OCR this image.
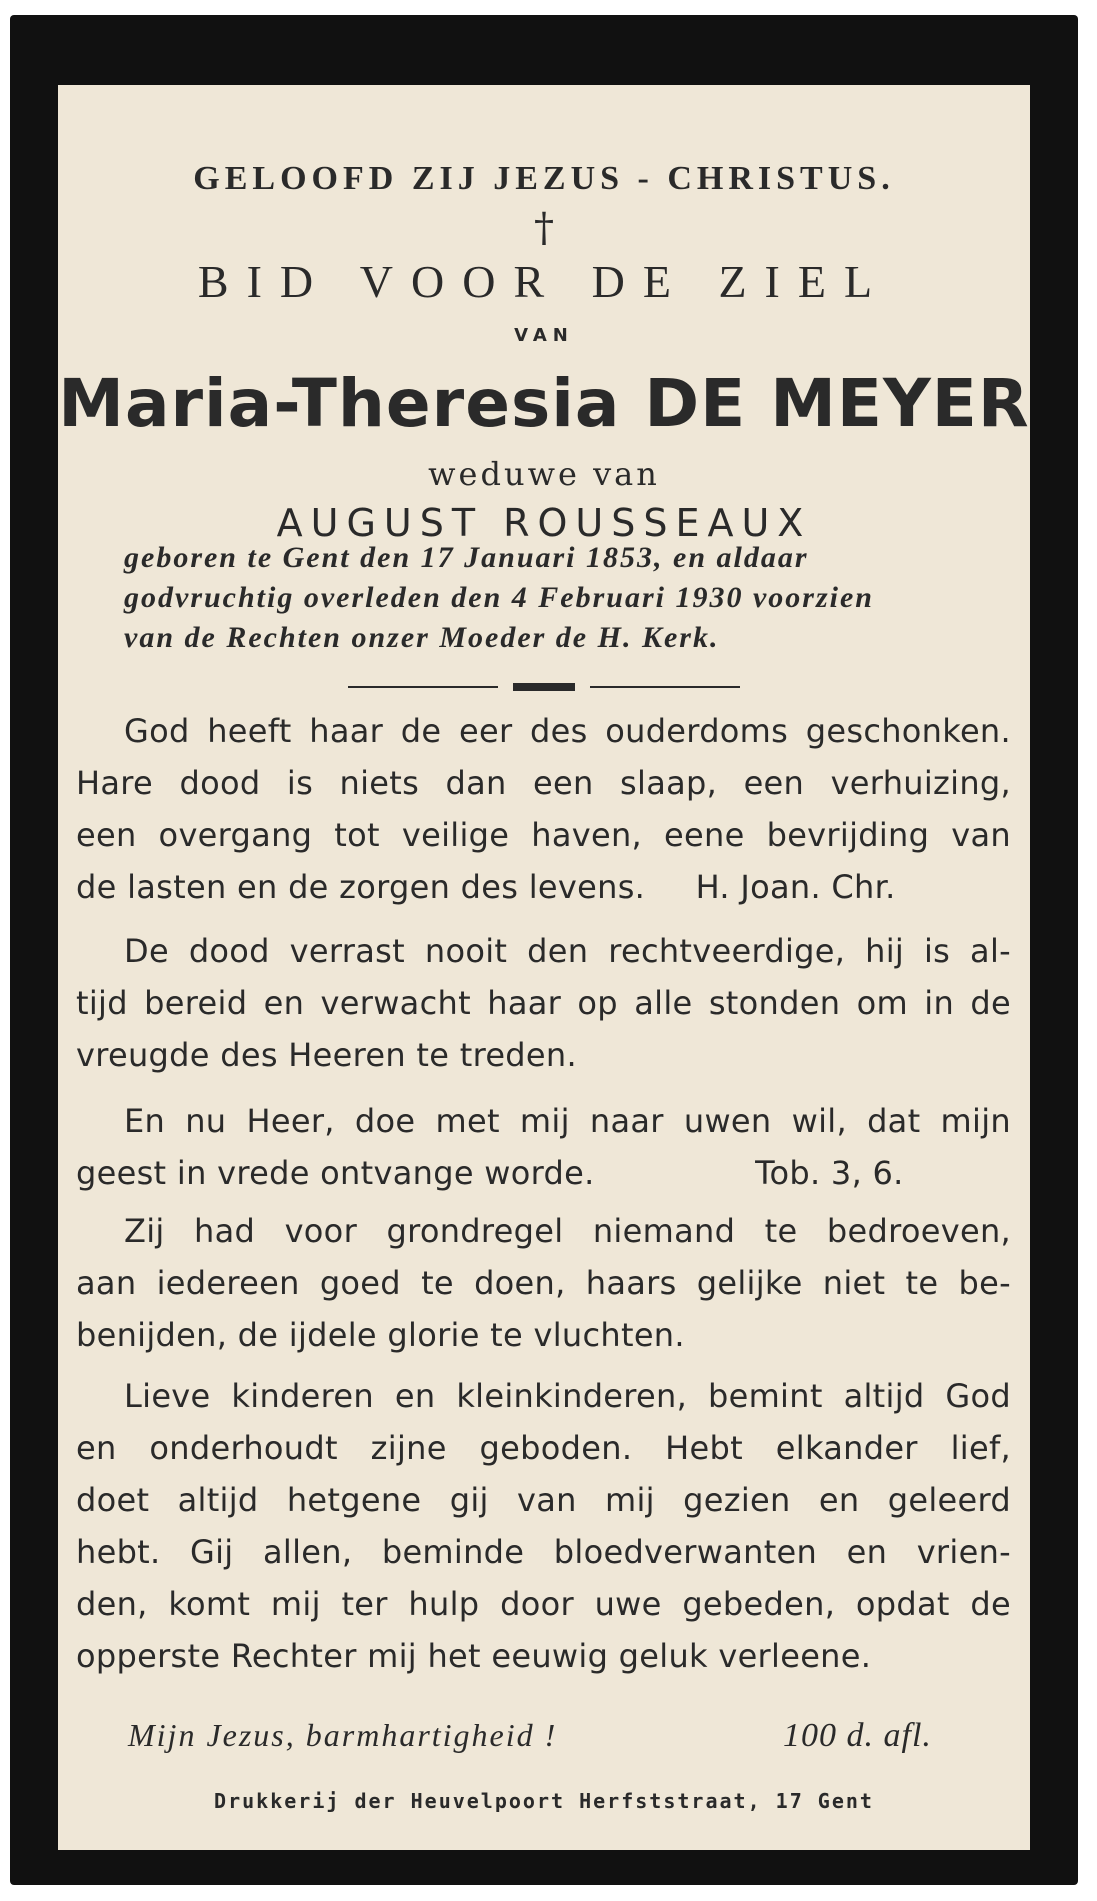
GELOOFD ZIJ JEZUS - CHRISTUS.
†
BID VOOR DE ZIEL
VAN
Maria-Theresia DE MEYER
weduwe van
AUGUST ROUSSEAUX
geboren te Gent den 17 Januari 1853, en aldaar
godvruchtig overleden den 4 Februari 1930 voorzien
van de Rechten onzer Moeder de H. Kerk.
God heeft haar de eer des ouderdoms geschonken.
Hare dood is niets dan een slaap, een verhuizing,
een overgang tot veilige haven, eene bevrijding van
de lasten en de zorgen des levens. H. Joan. Chr.
De dood verrast nooit den rechtveerdige, hij is al-
tijd bereid en verwacht haar op alle stonden om in de
vreugde des Heeren te treden.
En nu Heer, doe met mij naar uwen wil, dat mijn
geest in vrede ontvange worde.	Tob. 3, 6.
Zij had voor grondregel niemand te bedroeven,
aan iedereen goed te doen, haars gelijke niet te be-
benijden, de ijdele glorie te vluchten.
Lieve kinderen en kleinkinderen, bemint altijd God
en onderhoudt zijne geboden. Hebt elkander lief,
doet altijd hetgene gij van mij gezien en geleerd
hebt. Gij allen, beminde bloedverwanten en vrien-
den, komt mij ter hulp door uwe gebeden, opdat de
opperste Rechter mij het eeuwig geluk verleene.
Mijn Jezus, barmhartigheid !	100 d. afl.
Drukkerij der Heuvelpoort Herfststraat, 17 Gent
